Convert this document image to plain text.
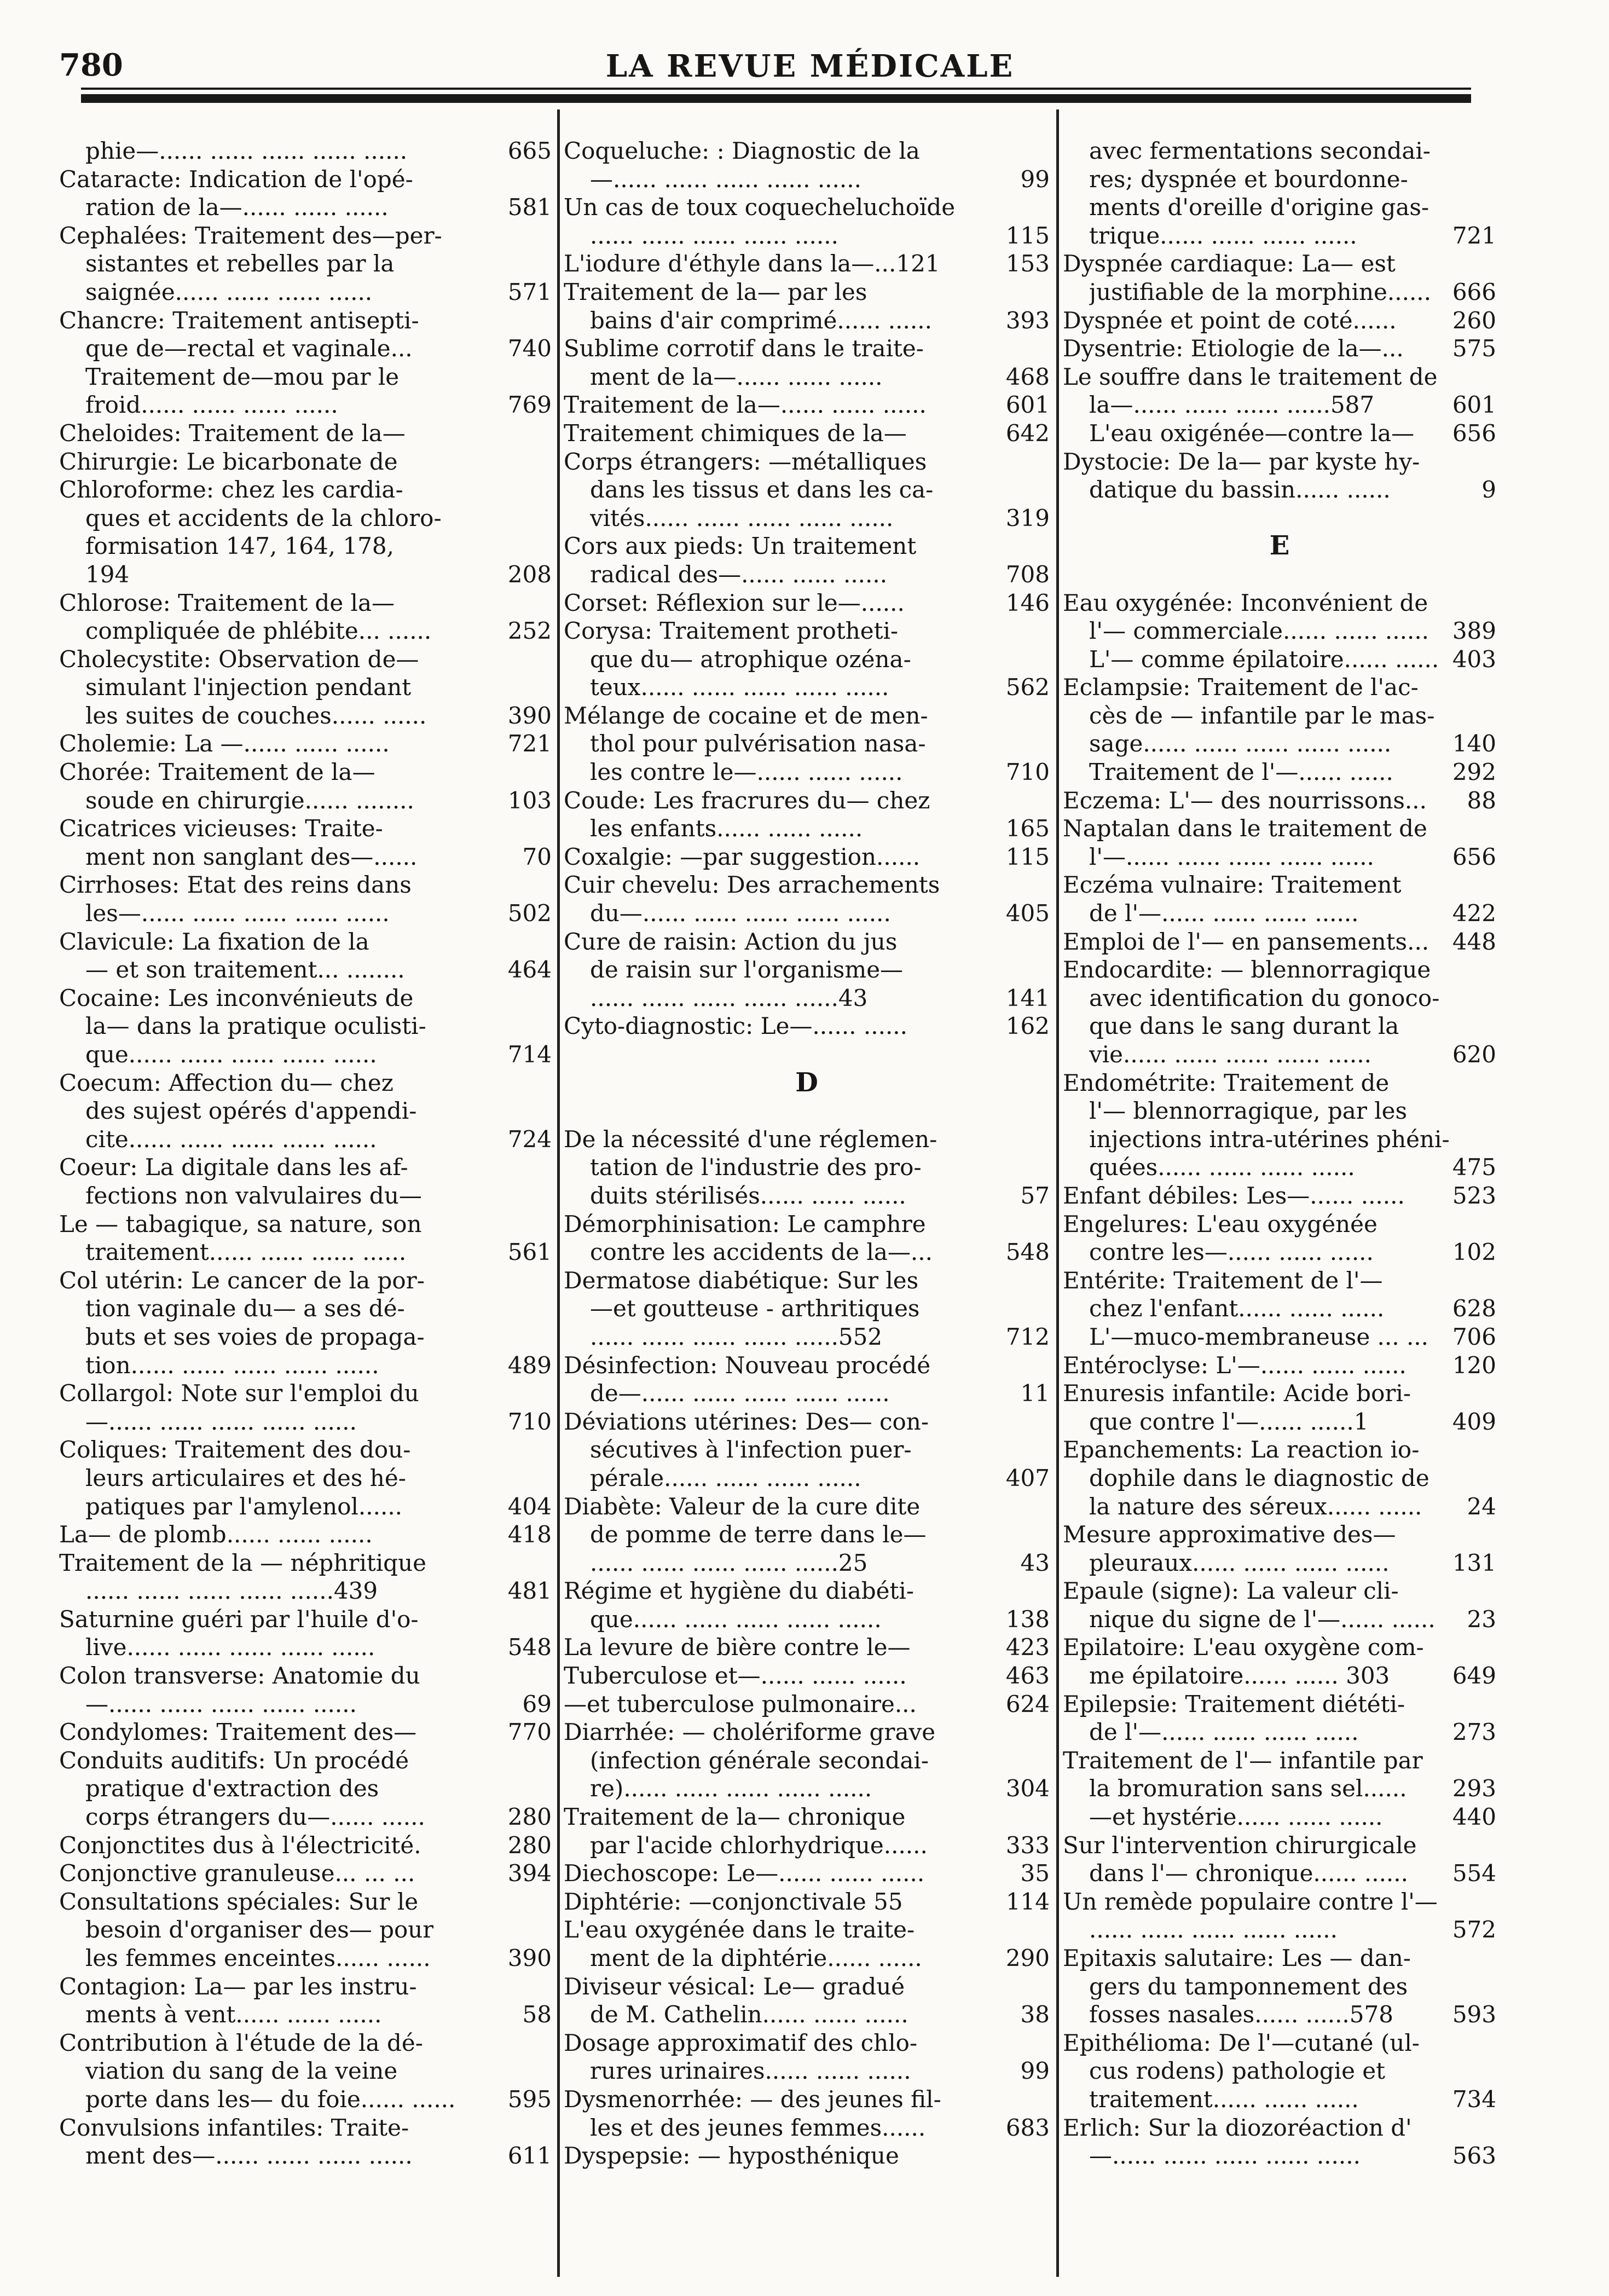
780	LA REVUE MÉDICALE
phie—...... ...... ...... ...... ......	665
Cataracte: Indication de l'opé-
ration de la—...... ...... ......	581
Cephalées: Traitement des—per-
sistantes et rebelles par la
saignée...... ...... ...... ......	571
Chancre: Traitement antisepti-
que de—rectal et vaginale...	740
Traitement de—mou par le
froid...... ...... ...... ......	769
Cheloides: Traitement de la—
Chirurgie: Le bicarbonate de
Chloroforme: chez les cardia-
ques et accidents de la chloro-
formisation 147, 164, 178,
194	208
Chlorose: Traitement de la—
compliquée de phlébite... ......	252
Cholecystite: Observation de—
simulant l'injection pendant
les suites de couches...... ......	390
Cholemie: La —...... ...... ......	721
Chorée: Traitement de la—
soude en chirurgie...... ........	103
Cicatrices vicieuses: Traite-
ment non sanglant des—......	70
Cirrhoses: Etat des reins dans
les—...... ...... ...... ...... ......	502
Clavicule: La fixation de la
— et son traitement... ........	464
Cocaine: Les inconvénieuts de
la— dans la pratique oculisti-
que...... ...... ...... ...... ......	714
Coecum: Affection du— chez
des sujest opérés d'appendi-
cite...... ...... ...... ...... ......	724
Coeur: La digitale dans les af-
fections non valvulaires du—
Le — tabagique, sa nature, son
traitement...... ...... ...... ......	561
Col utérin: Le cancer de la por-
tion vaginale du— a ses dé-
buts et ses voies de propaga-
tion...... ...... ...... ...... ......	489
Collargol: Note sur l'emploi du
—...... ...... ...... ...... ......	710
Coliques: Traitement des dou-
leurs articulaires et des hé-
patiques par l'amylenol......	404
La— de plomb...... ...... ......	418
Traitement de la — néphritique
...... ...... ...... ...... ......439	481
Saturnine guéri par l'huile d'o-
live...... ...... ...... ...... ......	548
Colon transverse: Anatomie du
—...... ...... ...... ...... ......	69
Condylomes: Traitement des—	770
Conduits auditifs: Un procédé
pratique d'extraction des
corps étrangers du—...... ......	280
Conjonctites dus à l'électricité.	280
Conjonctive granuleuse... ... ...	394
Consultations spéciales: Sur le
besoin d'organiser des— pour
les femmes enceintes...... ......	390
Contagion: La— par les instru-
ments à vent...... ...... ......	58
Contribution à l'étude de la dé-
viation du sang de la veine
porte dans les— du foie...... ...... 595
Convulsions infantiles: Traite-
ment des—...... ...... ...... ......	611
Coqueluche: : Diagnostic de la
—...... ...... ...... ...... ......	99
Un cas de toux coquecheluchoïde
...... ...... ...... ...... ......	115
L'iodure d'éthyle dans la—...121	153
Traitement de la— par les
bains d'air comprimé...... ......	393
Sublime corrotif dans le traite-
ment de la—...... ...... ......	468
Traitement de la—...... ...... ......	601
Traitement chimiques de la—	642
Corps étrangers: —métalliques
dans les tissus et dans les ca-
vités...... ...... ...... ...... ......	319
Cors aux pieds: Un traitement
radical des—...... ...... ......	708
Corset: Réflexion sur le—......	146
Corysa: Traitement protheti-
que du— atrophique ozéna-
teux...... ...... ...... ...... ......	562
Mélange de cocaine et de men-
thol pour pulvérisation nasa-
les contre le—...... ...... ......	710
Coude: Les fracrures du— chez
les enfants...... ...... ......	165
Coxalgie: —par suggestion......	115
Cuir chevelu: Des arrachements
du—...... ...... ...... ...... ......	405
Cure de raisin: Action du jus
de raisin sur l'organisme—
...... ...... ...... ...... ......43	141
Cyto-diagnostic: Le—...... ......	162
D
De la nécessité d'une réglemen-
tation de l'industrie des pro-
duits stérilisés...... ...... ......	57
Démorphinisation: Le camphre
contre les accidents de la—...	548
Dermatose diabétique: Sur les
—et goutteuse - arthritiques
...... ...... ...... ...... ......552	712
Désinfection: Nouveau procédé
de—...... ...... ...... ...... ......	11
Déviations utérines: Des— con-
sécutives à l'infection puer-
pérale...... ...... ...... ......	407
Diabète: Valeur de la cure dite
de pomme de terre dans le—
...... ...... ...... ...... ......25	43
Régime et hygiène du diabéti-
que...... ...... ...... ...... ......	138
La levure de bière contre le—	423
Tuberculose et—...... ...... ......	463
—et tuberculose pulmonaire...	624
Diarrhée: — cholériforme grave
(infection générale secondai-
re)...... ...... ...... ...... ......	304
Traitement de la— chronique
par l'acide chlorhydrique......	333
Diechoscope: Le—...... ...... ......	35
Diphtérie: —conjonctivale 55	114
L'eau oxygénée dans le traite-
ment de la diphtérie...... ......	290
Diviseur vésical: Le— gradué
de M. Cathelin...... ...... ......	38
Dosage approximatif des chlo-
rures urinaires...... ...... ......	99
Dysmenorrhée: — des jeunes fil-
les et des jeunes femmes......	683
Dyspepsie: — hyposthénique
avec fermentations secondai-
res; dyspnée et bourdonne-
ments d'oreille d'origine gas-
trique...... ...... ...... ......	721
Dyspnée cardiaque: La— est
justifiable de la morphine...... 666
Dyspnée et point de coté...... 260
Dysentrie: Etiologie de la—... 575
Le souffre dans le traitement de
la—...... ...... ...... ......587	601
L'eau oxigénée—contre la— 656
Dystocie: De la— par kyste hy-
datique du bassin...... ......	9
E
Eau oxygénée: Inconvénient de
l'— commerciale...... ...... ...... 389
L'— comme épilatoire...... ...... 403
Eclampsie: Traitement de l'ac-
cès de — infantile par le mas-
sage...... ...... ...... ...... ......	140
Traitement de l'—...... ......	292
Eczema: L'— des nourrissons... 88
Naptalan dans le traitement de
l'—...... ...... ...... ...... ......	656
Eczéma vulnaire: Traitement
de l'—...... ...... ...... ......	422
Emploi de l'— en pansements... 448
Endocardite: — blennorragique
avec identification du gonoco-
que dans le sang durant la
vie...... ...... ...... ...... ......	620
Endométrite: Traitement de
l'— blennorragique, par les
injections intra-utérines phéni-
quées...... ...... ...... ......	475
Enfant débiles: Les—...... ...... 523
Engelures: L'eau oxygénée
contre les—...... ...... ......	102
Entérite: Traitement de l'—
chez l'enfant...... ...... ......	628
L'—muco-membraneuse ... ... 706
Entéroclyse: L'—...... ...... ...... 120
Enuresis infantile: Acide bori-
que contre l'—...... ......1	409
Epanchements: La reaction io-
dophile dans le diagnostic de
la nature des séreux...... ...... 24
Mesure approximative des—
pleuraux...... ...... ...... ......	131
Epaule (signe): La valeur cli-
nique du signe de l'—...... ...... 23
Epilatoire: L'eau oxygène com-
me épilatoire...... ...... 303	649
Epilepsie: Traitement diététi-
de l'—...... ...... ...... ......	273
Traitement de l'— infantile par
la bromuration sans sel...... 293
—et hystérie...... ...... ......	440
Sur l'intervention chirurgicale
dans l'— chronique...... ...... 554
Un remède populaire contre l'—
...... ...... ...... ...... ......	572
Epitaxis salutaire: Les — dan-
gers du tamponnement des
fosses nasales...... ......578	593
Epithélioma: De l'—cutané (ul-
cus rodens) pathologie et
traitement...... ...... ......	734
Erlich: Sur la diozoréaction d'
—...... ...... ...... ...... ......	563
